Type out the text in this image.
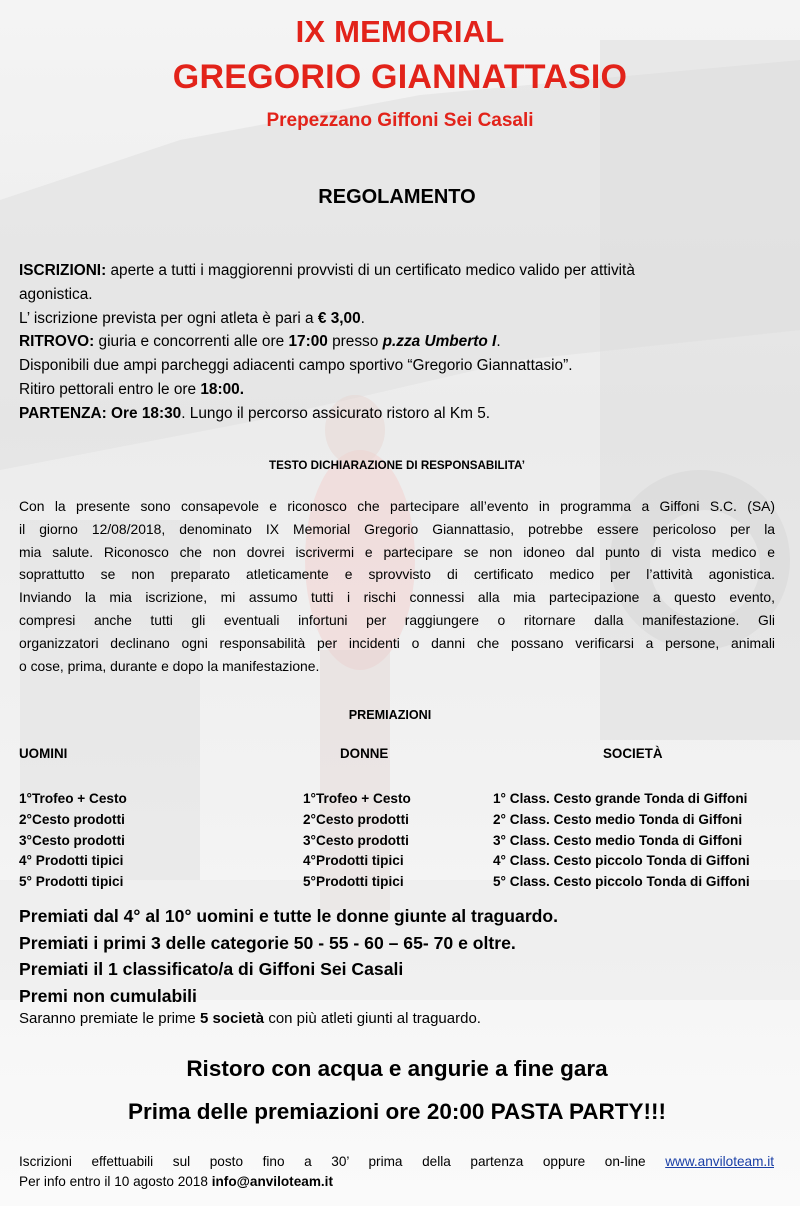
IX MEMORIAL
GREGORIO GIANNATTASIO
Prepezzano Giffoni Sei Casali
REGOLAMENTO
ISCRIZIONI: aperte a tutti i maggiorenni provvisti di un certificato medico valido per attività
agonistica.
L’ iscrizione prevista per ogni atleta è pari a € 3,00.
RITROVO: giuria e concorrenti alle ore 17:00 presso p.zza Umberto I.
Disponibili due ampi parcheggi adiacenti campo sportivo “Gregorio Giannattasio”.
Ritiro pettorali entro le ore 18:00.
PARTENZA: Ore 18:30. Lungo il percorso assicurato ristoro al Km 5.
TESTO DICHIARAZIONE DI RESPONSABILITA’
Con la presente sono consapevole e riconosco che partecipare all’evento in programma a Giffoni S.C. (SA)
il giorno 12/08/2018, denominato IX Memorial Gregorio Giannattasio, potrebbe essere pericoloso per la
mia salute. Riconosco che non dovrei iscrivermi e partecipare se non idoneo dal punto di vista medico e
soprattutto se non preparato atleticamente e sprovvisto di certificato medico per l’attività agonistica.
Inviando la mia iscrizione, mi assumo tutti i rischi connessi alla mia partecipazione a questo evento,
compresi anche tutti gli eventuali infortuni per raggiungere o ritornare dalla manifestazione. Gli
organizzatori declinano ogni responsabilità per incidenti o danni che possano verificarsi a persone, animali
o cose, prima, durante e dopo la manifestazione.
PREMIAZIONI
UOMINI	DONNE	SOCIETÀ
1°Trofeo + Cesto
2°Cesto prodotti
3°Cesto prodotti
4° Prodotti tipici
5° Prodotti tipici
1°Trofeo + Cesto
2°Cesto prodotti
3°Cesto prodotti
4°Prodotti tipici
5°Prodotti tipici
1° Class. Cesto grande Tonda di Giffoni
2° Class. Cesto medio Tonda di Giffoni
3° Class. Cesto medio Tonda di Giffoni
4° Class. Cesto piccolo Tonda di Giffoni
5° Class. Cesto piccolo Tonda di Giffoni
Premiati dal 4° al 10° uomini e tutte le donne giunte al traguardo.
Premiati i primi 3 delle categorie 50 - 55 - 60 – 65- 70 e oltre.
Premiati il 1 classificato/a di Giffoni Sei Casali
Premi non cumulabili
Saranno premiate le prime 5 società con più atleti giunti al traguardo.
Ristoro con acqua e angurie a fine gara
Prima delle premiazioni ore 20:00 PASTA PARTY!!!
Iscrizioni effettuabili sul posto fino a 30’ prima della partenza oppure on-line www.anviloteam.it
Per info entro il 10 agosto 2018 info@anviloteam.it
